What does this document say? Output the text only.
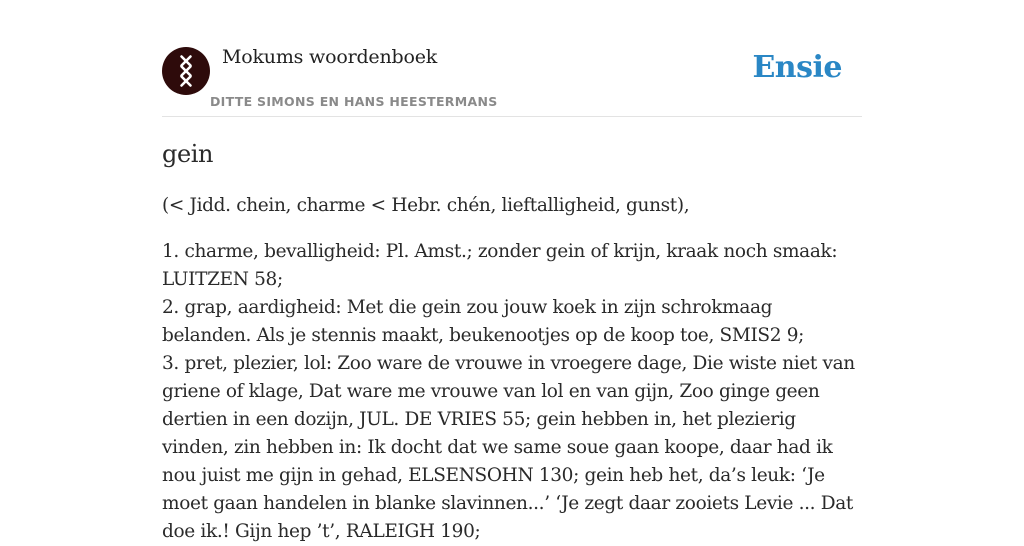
Mokums woordenboek
DITTE SIMONS EN HANS HEESTERMANS
Ensie
gein

(< Jidd. chein, charme < Hebr. chén, lieftalligheid, gunst),

1. charme, bevalligheid: Pl. Amst.; zonder gein of krijn, kraak noch smaak: LUITZEN 58;
2. grap, aardigheid: Met die gein zou jouw koek in zijn schrokmaag belanden. Als je stennis maakt, beukenootjes op de koop toe, SMIS2 9;
3. pret, plezier, lol: Zoo ware de vrouwe in vroegere dage, Die wiste niet van griene of klage, Dat ware me vrouwe van lol en van gijn, Zoo ginge geen dertien in een dozijn, JUL. DE VRIES 55; gein hebben in, het plezierig vinden, zin hebben in: Ik docht dat we same soue gaan koope, daar had ik nou juist me gijn in gehad, ELSENSOHN 130; gein heb het, da’s leuk: ‘Je moet gaan handelen in blanke slavinnen...’ ‘Je zegt daar zooiets Levie ... Dat doe ik.! Gijn hep ’t’, RALEIGH 190;
